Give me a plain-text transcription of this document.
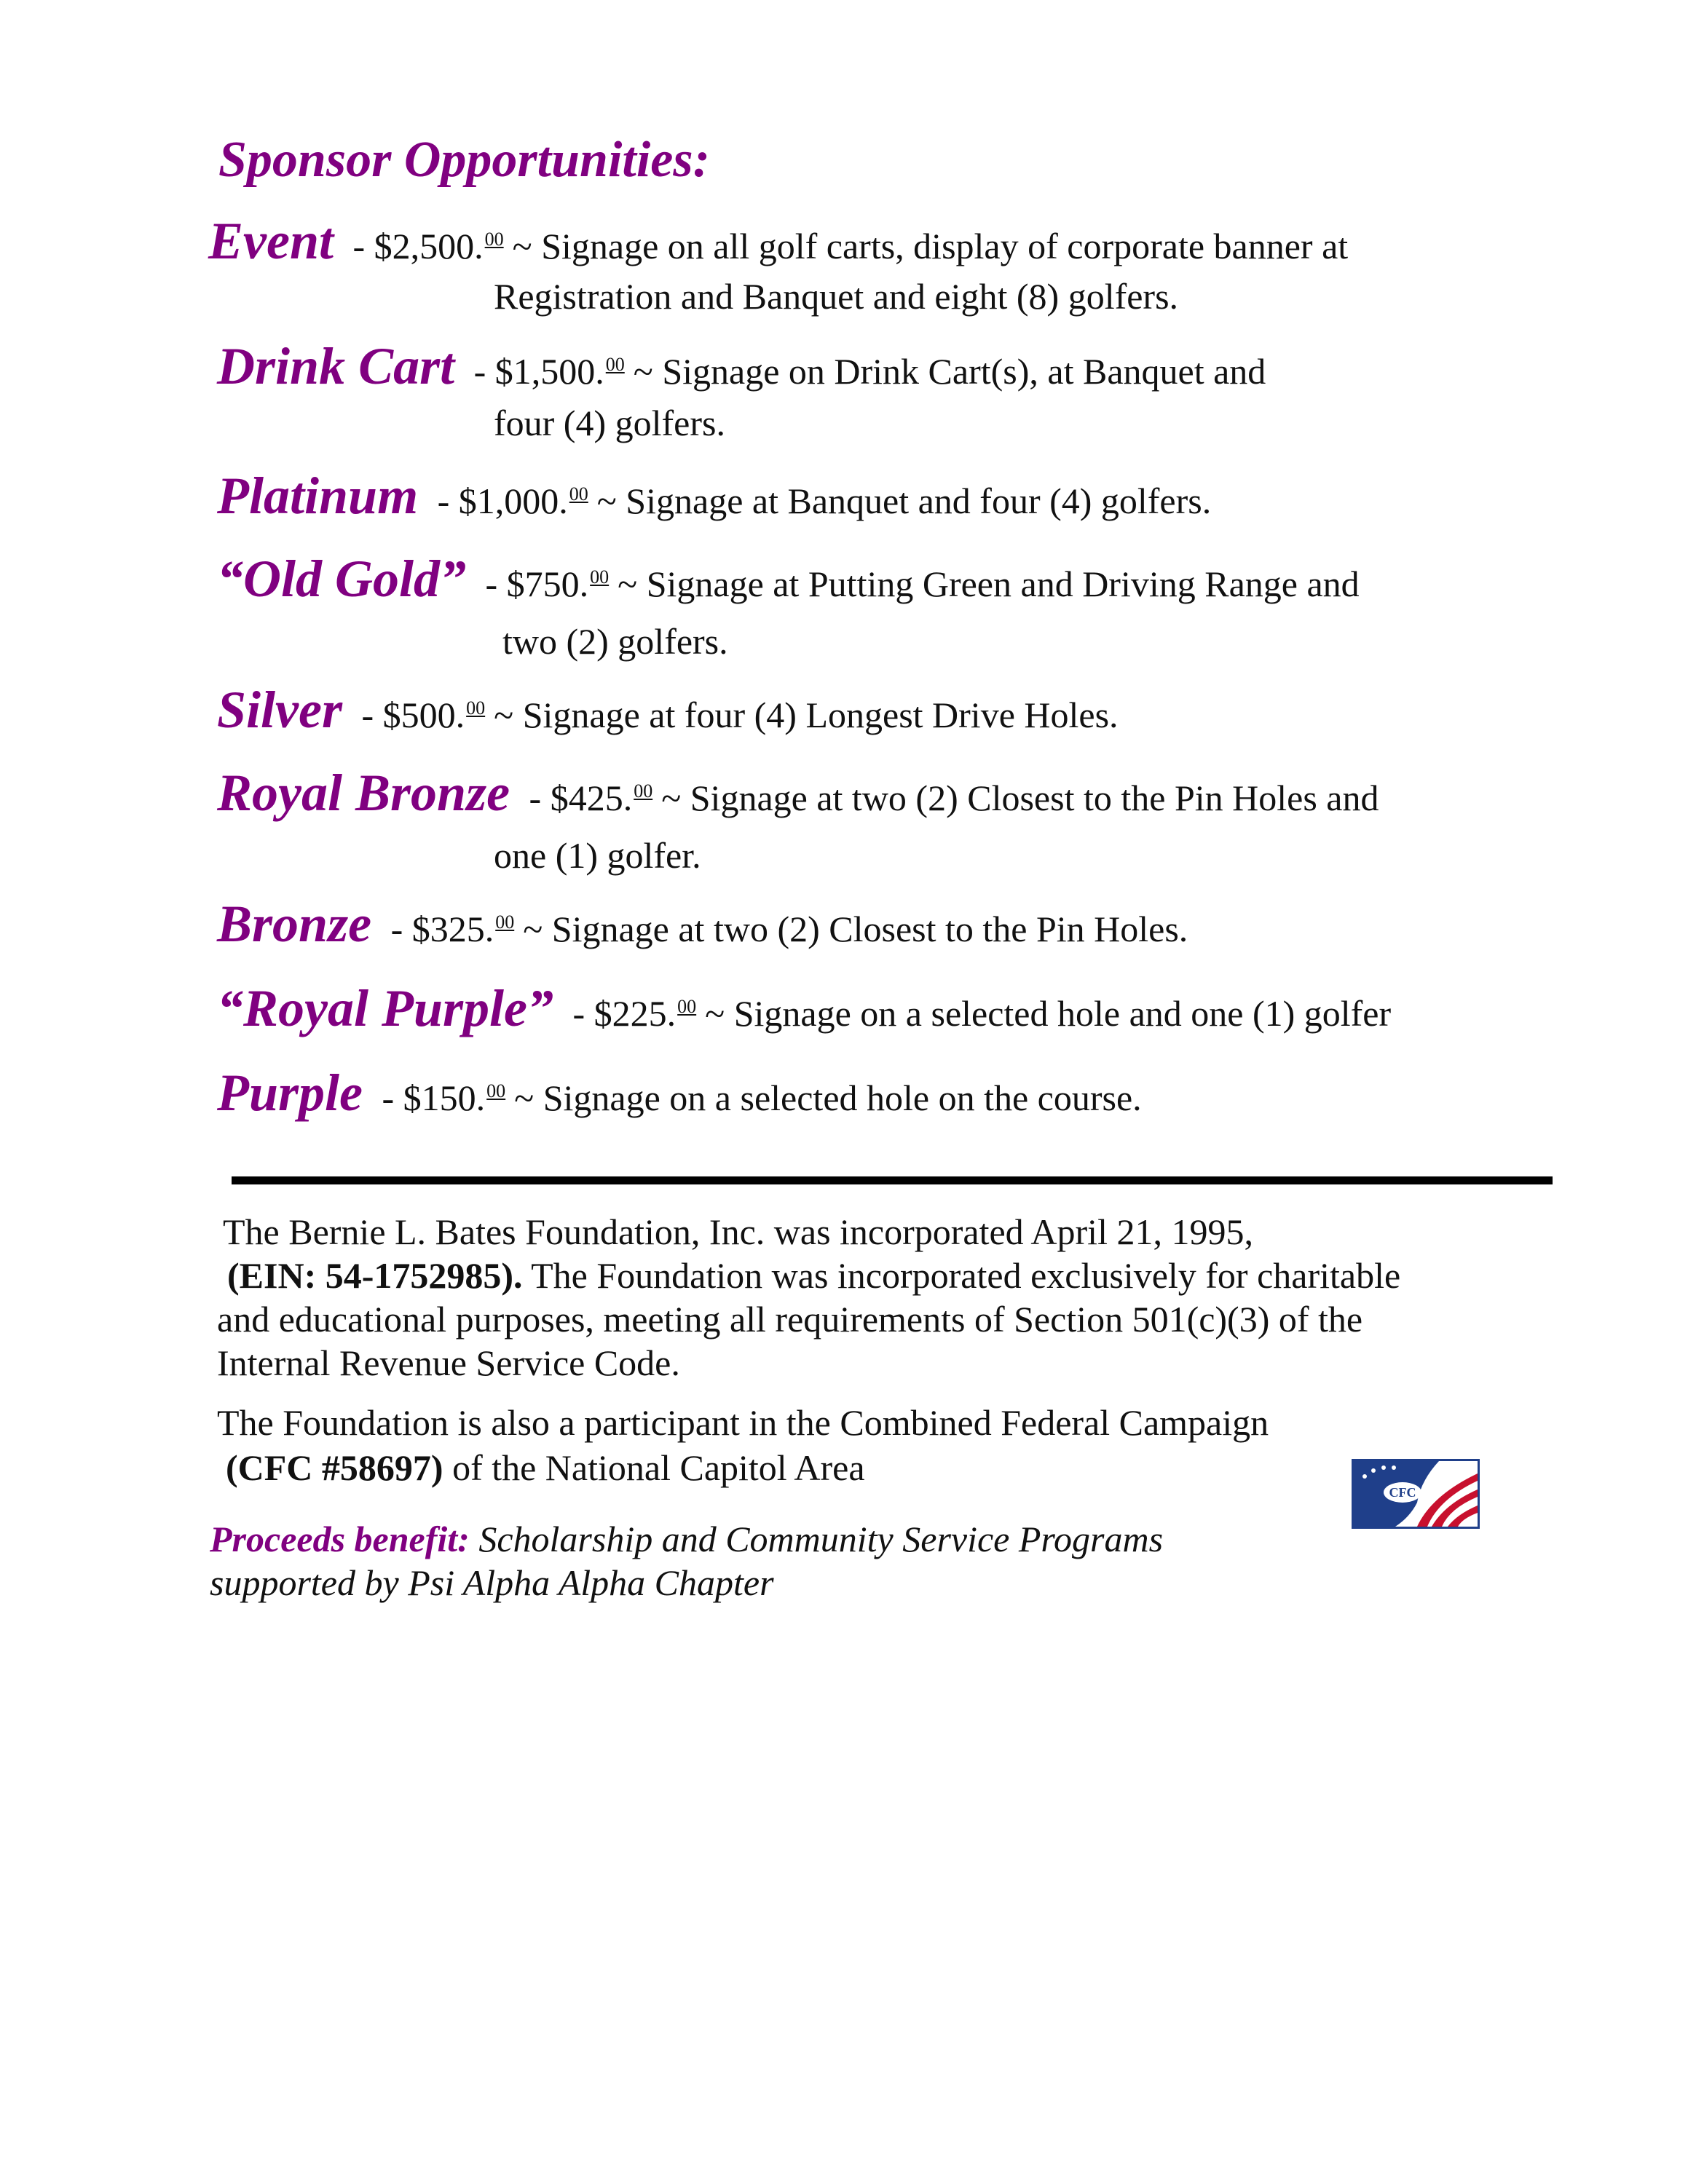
Sponsor Opportunities:
Event - $2,500.00 ~ Signage on all golf carts, display of corporate banner at
Registration and Banquet and eight (8) golfers.
Drink Cart - $1,500.00 ~ Signage on Drink Cart(s), at Banquet and
four (4) golfers.
Platinum - $1,000.00 ~ Signage at Banquet and four (4) golfers.
“Old Gold” - $750.00 ~ Signage at Putting Green and Driving Range and
two (2) golfers.
Silver - $500.00 ~ Signage at four (4) Longest Drive Holes.
Royal Bronze - $425.00 ~ Signage at two (2) Closest to the Pin Holes and
one (1) golfer.
Bronze - $325.00 ~ Signage at two (2) Closest to the Pin Holes.
“Royal Purple” - $225.00 ~ Signage on a selected hole and one (1) golfer
Purple - $150.00 ~ Signage on a selected hole on the course.
The Bernie L. Bates Foundation, Inc. was incorporated April 21, 1995,
(EIN: 54-1752985). The Foundation was incorporated exclusively for charitable
and educational purposes, meeting all requirements of Section 501(c)(3) of the
Internal Revenue Service Code.
The Foundation is also a participant in the Combined Federal Campaign
(CFC #58697) of the National Capitol Area
CFC
Proceeds benefit: Scholarship and Community Service Programs
supported by Psi Alpha Alpha Chapter
